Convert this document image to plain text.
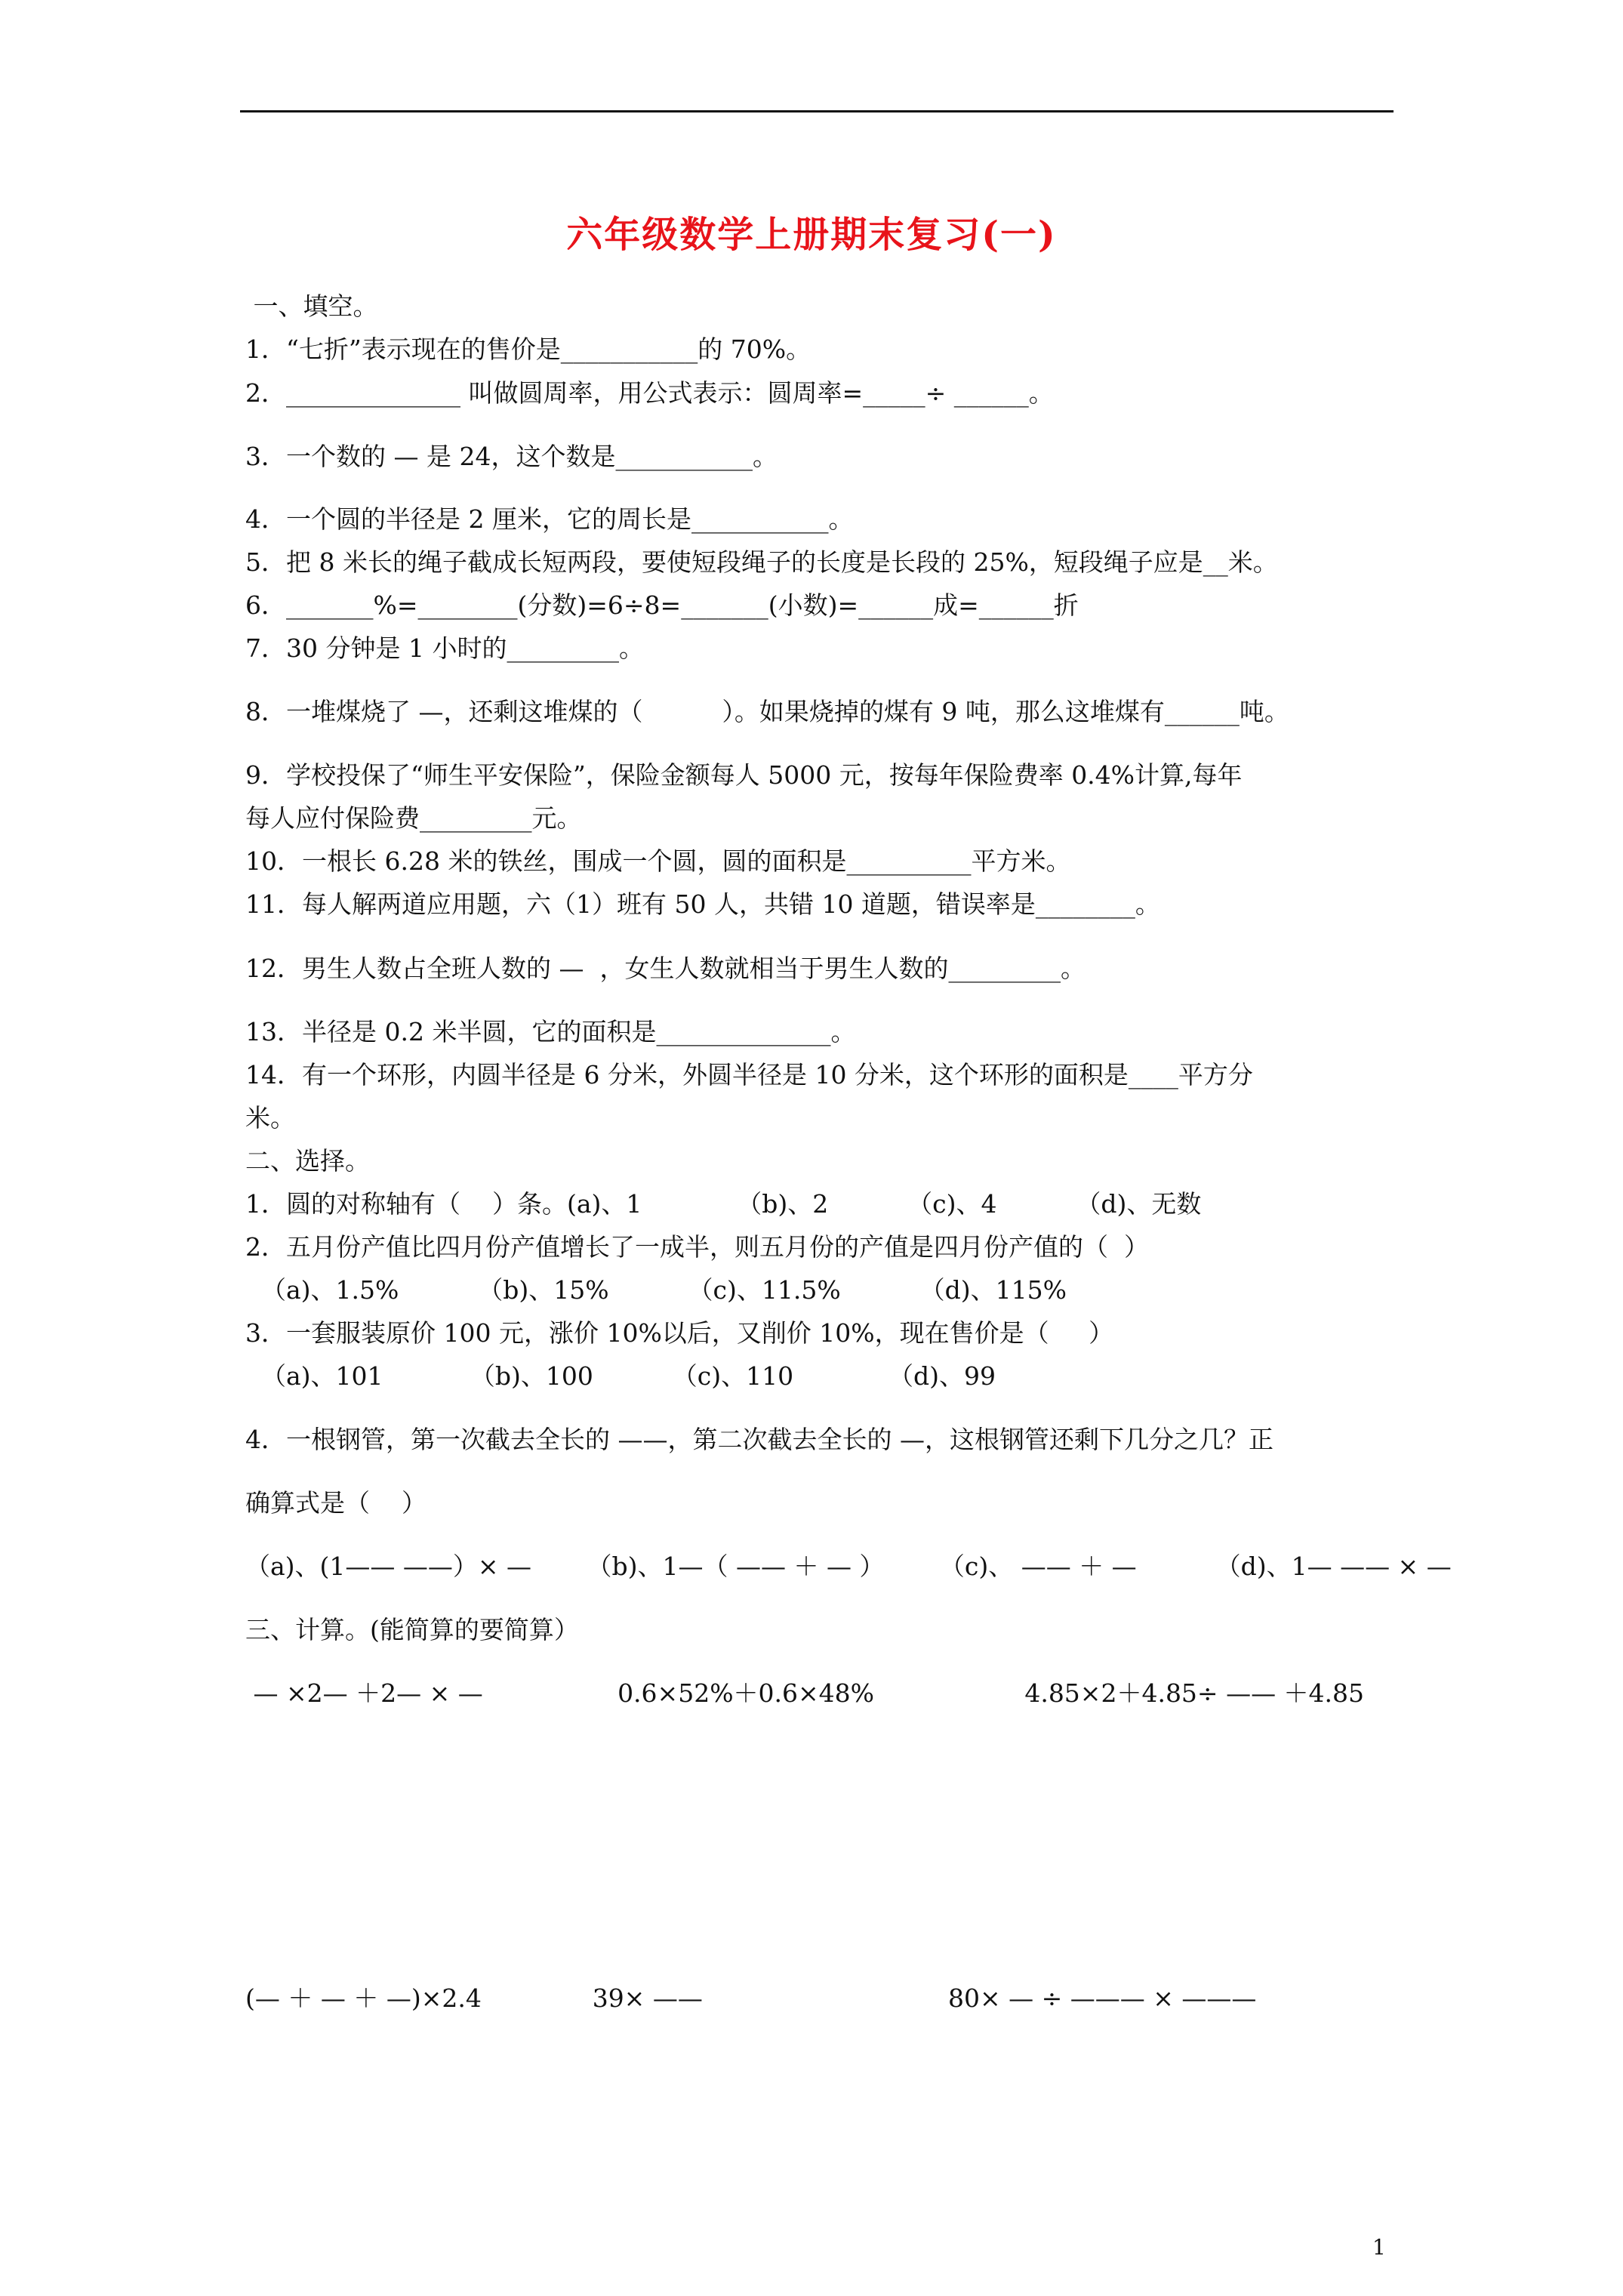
六年级数学上册期末复习(一)
一、填空。
1．“七折”表示现在的售价是___________的 70%。
2．______________ 叫做圆周率，用公式表示：圆周率=_____÷ ______。
3．一个数的 — 是 24，这个数是___________。
4．一个圆的半径是 2 厘米，它的周长是___________。
5．把 8 米长的绳子截成长短两段，要使短段绳子的长度是长段的 25%，短段绳子应是__米。
6．_______%=________(分数)=6÷8=_______(小数)=______成=______折
7．30 分钟是 1 小时的_________。
8．一堆煤烧了 —，还剩这堆煤的（          ）。如果烧掉的煤有 9 吨，那么这堆煤有______吨。
9．学校投保了“师生平安保险”，保险金额每人 5000 元，按每年保险费率 0.4%计算,每年
每人应付保险费_________元。
10．一根长 6.28 米的铁丝，围成一个圆，圆的面积是__________平方米。
11．每人解两道应用题，六（1）班有 50 人，共错 10 道题，错误率是________。
12．男生人数占全班人数的 —  ，女生人数就相当于男生人数的_________。
13．半径是 0.2 米半圆，它的面积是______________。
14．有一个环形，内圆半径是 6 分米，外圆半径是 10 分米，这个环形的面积是____平方分
米。
二、选择。
1．圆的对称轴有（    ）条。(a)、1            （b)、2          （c)、4          （d)、无数
2．五月份产值比四月份产值增长了一成半，则五月份的产值是四月份产值的（  ）
（a)、1.5%          （b)、15%          （c)、11.5%          （d)、115%
3．一套服装原价 100 元，涨价 10%以后，又削价 10%，现在售价是（     ）
（a)、101           （b)、100          （c)、110            （d)、99
4．一根钢管，第一次截去全长的 ——，第二次截去全长的 —，这根钢管还剩下几分之几？正
确算式是（    ）
（a)、(1—— ——）× —       （b)、1—（ —— ＋ — ）       （c)、 —— ＋ —          （d)、1— —— × —
三、计算。(能简算的要简算）
— ×2— ＋2— × —                 0.6×52%＋0.6×48%                   4.85×2＋4.85÷ —— ＋4.85
(— ＋ — ＋ —)×2.4              39× ——                               80× — ÷ ——— × ———
1
